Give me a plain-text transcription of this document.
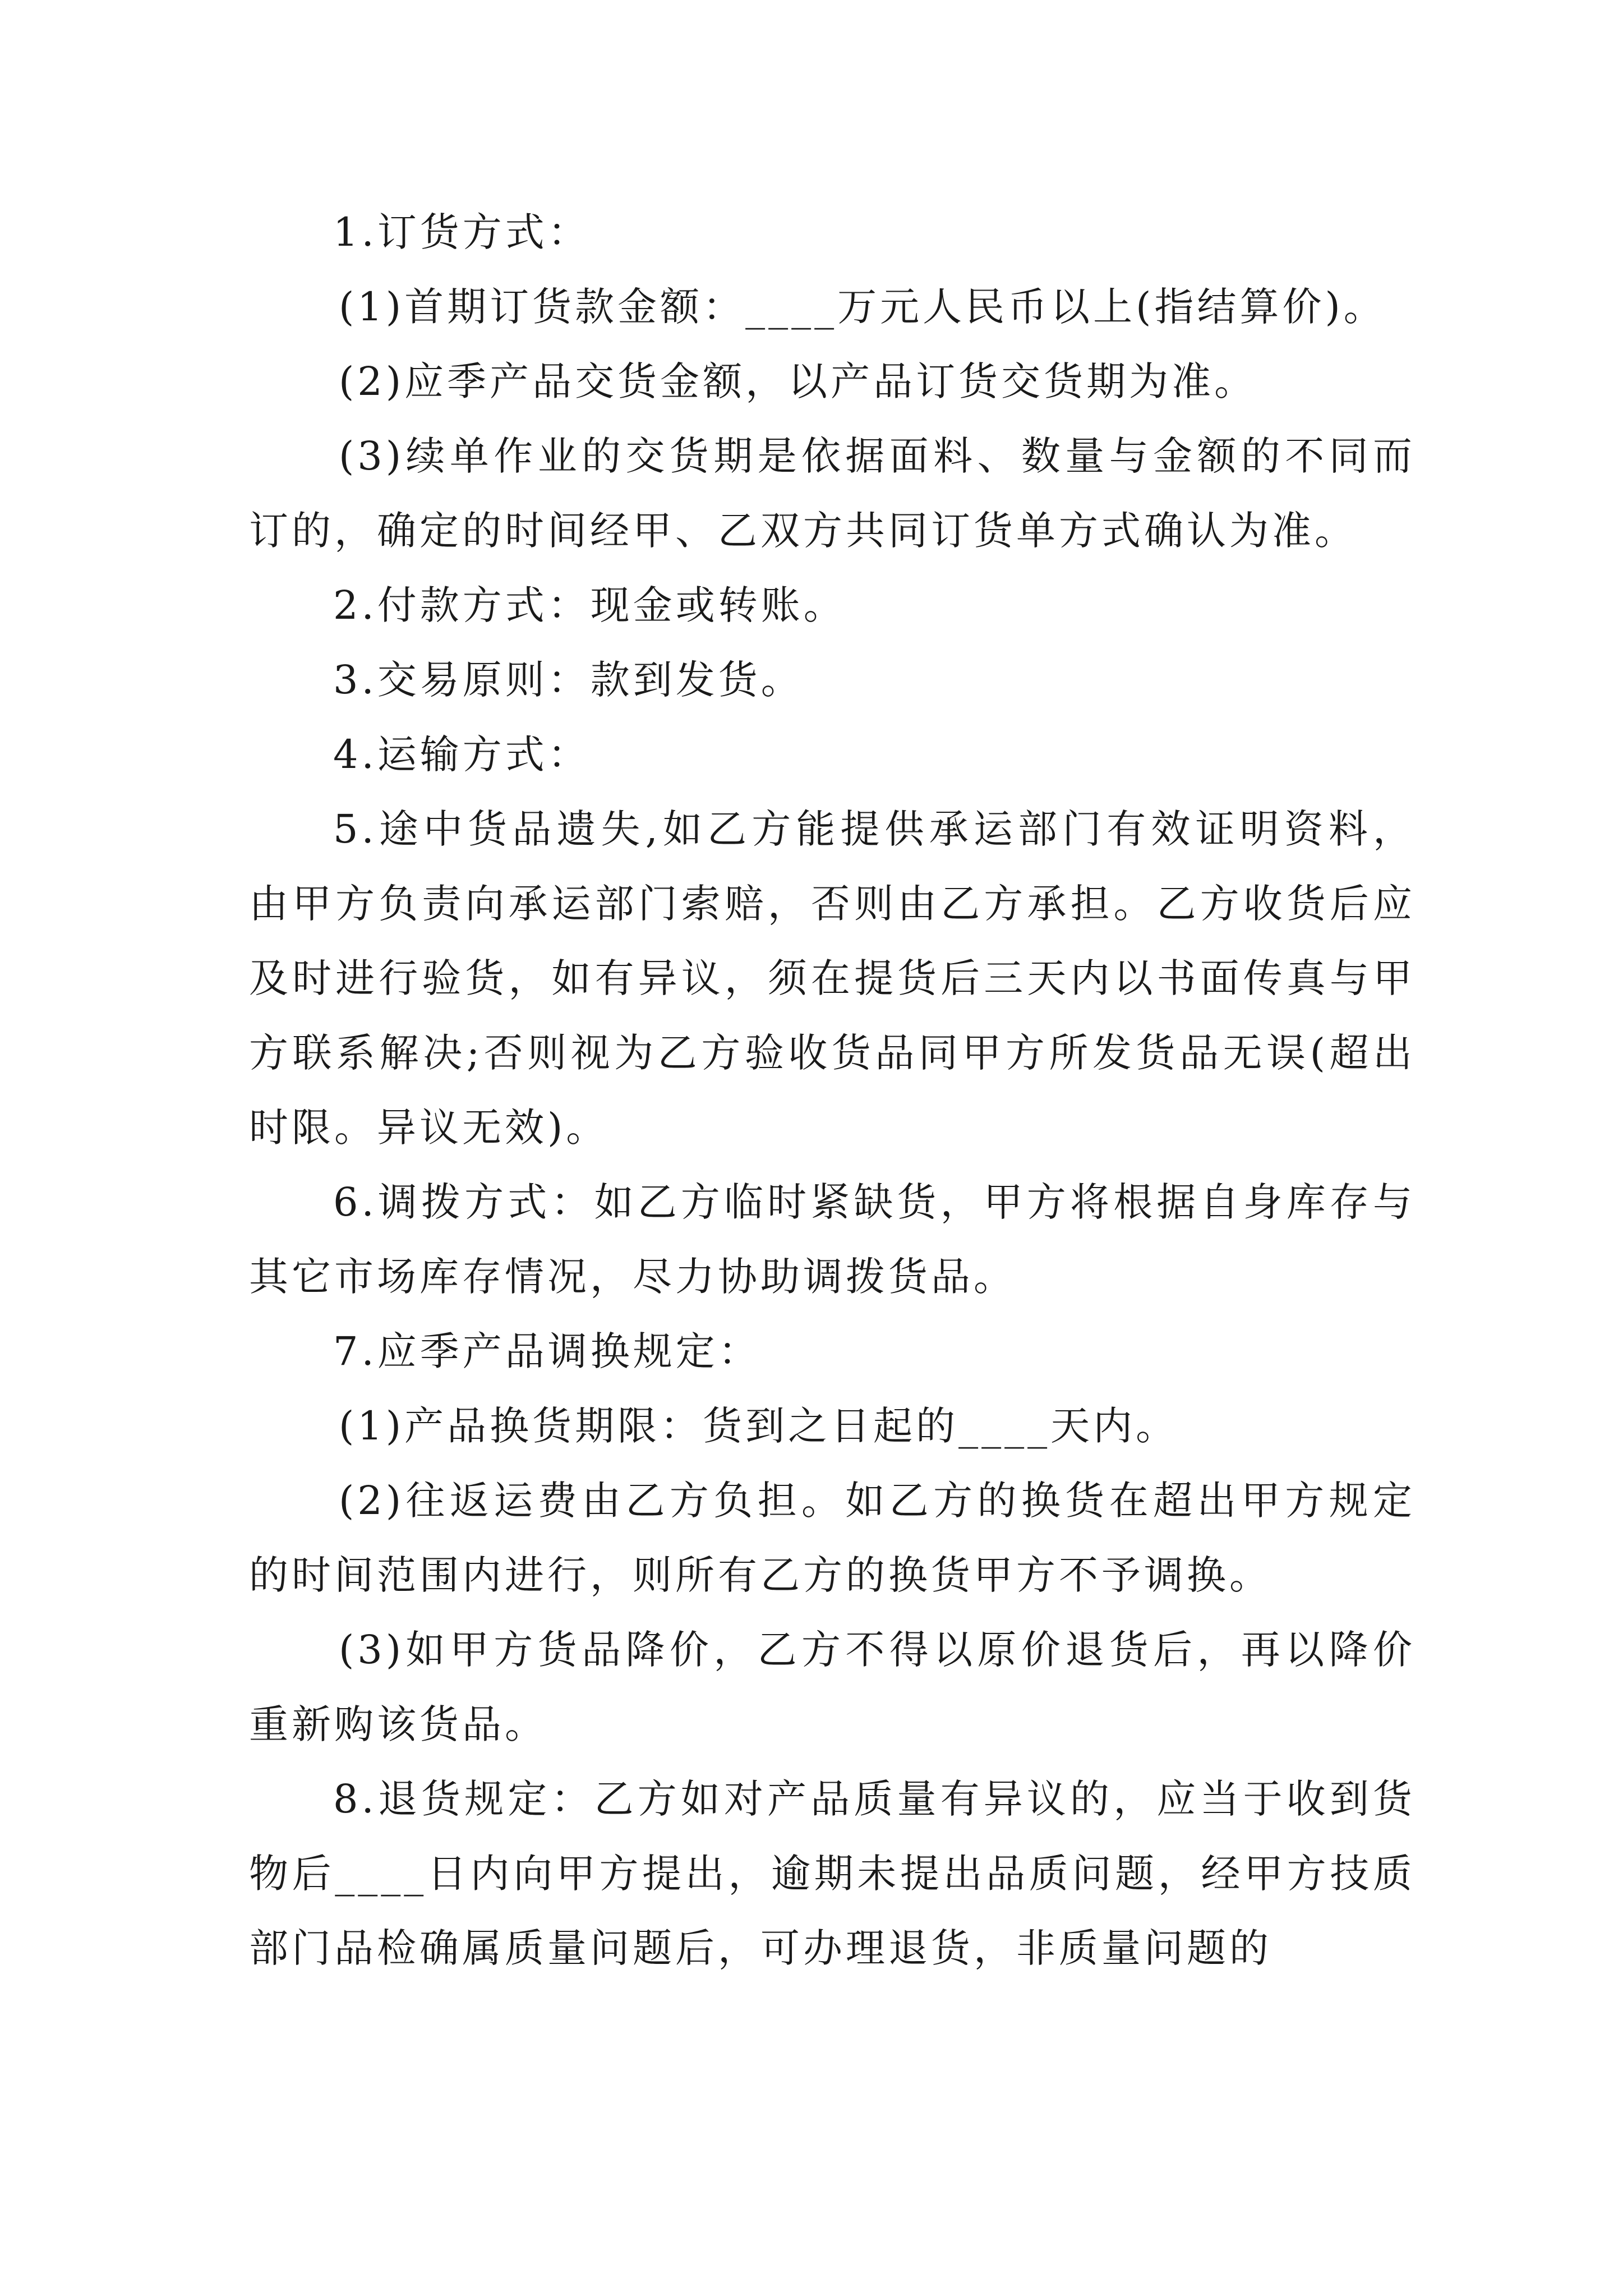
1.订货方式：

(1)首期订货款金额：____万元人民币以上(指结算价)。

(2)应季产品交货金额，以产品订货交货期为准。

(3)续单作业的交货期是依据面料、数量与金额的不同而订的，确定的时间经甲、乙双方共同订货单方式确认为准。

2.付款方式：现金或转账。

3.交易原则：款到发货。

4.运输方式：

5.途中货品遗失,如乙方能提供承运部门有效证明资料，由甲方负责向承运部门索赔，否则由乙方承担。乙方收货后应及时进行验货，如有异议，须在提货后三天内以书面传真与甲方联系解决;否则视为乙方验收货品同甲方所发货品无误(超出时限。异议无效)。

6.调拨方式：如乙方临时紧缺货，甲方将根据自身库存与其它市场库存情况，尽力协助调拨货品。

7.应季产品调换规定：

(1)产品换货期限：货到之日起的____天内。

(2)往返运费由乙方负担。如乙方的换货在超出甲方规定的时间范围内进行，则所有乙方的换货甲方不予调换。

(3)如甲方货品降价，乙方不得以原价退货后，再以降价重新购该货品。

8.退货规定：乙方如对产品质量有异议的，应当于收到货物后____日内向甲方提出，逾期未提出品质问题，经甲方技质部门品检确属质量问题后，可办理退货，非质量问题的
